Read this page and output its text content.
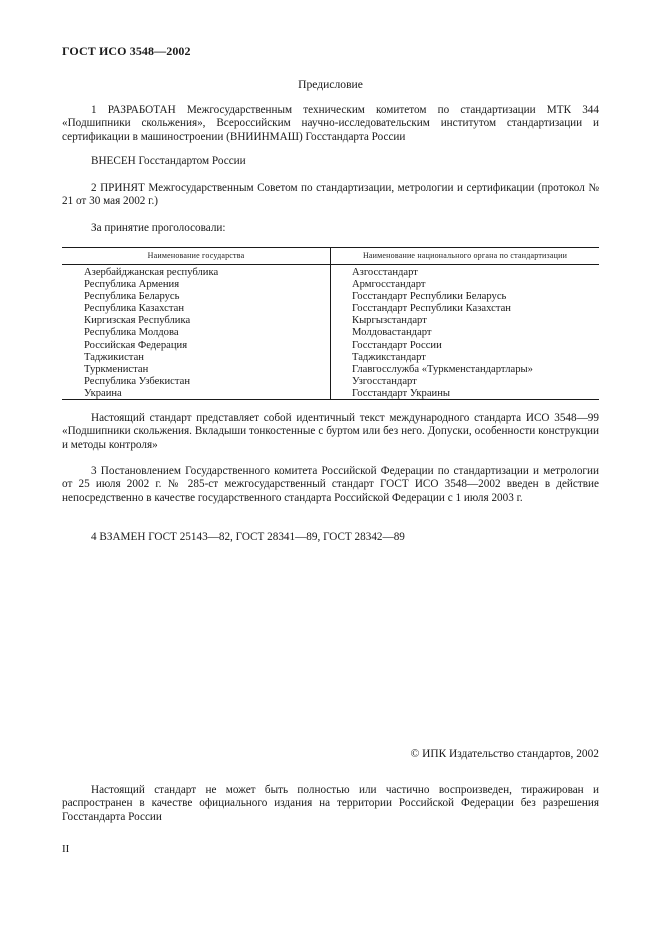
ГОСТ ИСО 3548—2002
Предисловие
1 РАЗРАБОТАН Межгосударственным техническим комитетом по стандартизации МТК 344 «Подшипники скольжения», Всероссийским научно-исследовательским институтом стандартизации и сертификации в машиностроении (ВНИИНМАШ) Госстандарта России
ВНЕСЕН Госстандартом России
2 ПРИНЯТ Межгосударственным Советом по стандартизации, метрологии и сертификации (протокол № 21 от 30 мая 2002 г.)
За принятие проголосовали:
Наименование государства	Наименование национального органа по стандартизации
Азербайджанская республика
Республика Армения
Республика Беларусь
Республика Казахстан
Киргизская Республика
Республика Молдова
Российская Федерация
Таджикистан
Туркменистан
Республика Узбекистан
Украина
Азгосстандарт
Армгосстандарт
Госстандарт Республики Беларусь
Госстандарт Республики Казахстан
Кыргызстандарт
Молдовастандарт
Госстандарт России
Таджикстандарт
Главгосслужба «Туркменстандартлары»
Узгосстандарт
Госстандарт Украины
Настоящий стандарт представляет собой идентичный текст международного стандарта ИСО 3548—99 «Подшипники скольжения. Вкладыши тонкостенные с буртом или без него. Допуски, особенности конструкции и методы контроля»
3 Постановлением Государственного комитета Российской Федерации по стандартизации и метрологии от 25 июля 2002 г. № 285-ст межгосударственный стандарт ГОСТ ИСО 3548—2002 введен в действие непосредственно в качестве государственного стандарта Российской Федерации с 1 июля 2003 г.
4 ВЗАМЕН ГОСТ 25143—82, ГОСТ 28341—89, ГОСТ 28342—89
© ИПК Издательство стандартов, 2002
Настоящий стандарт не может быть полностью или частично воспроизведен, тиражирован и распространен в качестве официального издания на территории Российской Федерации без разрешения Госстандарта России
II
